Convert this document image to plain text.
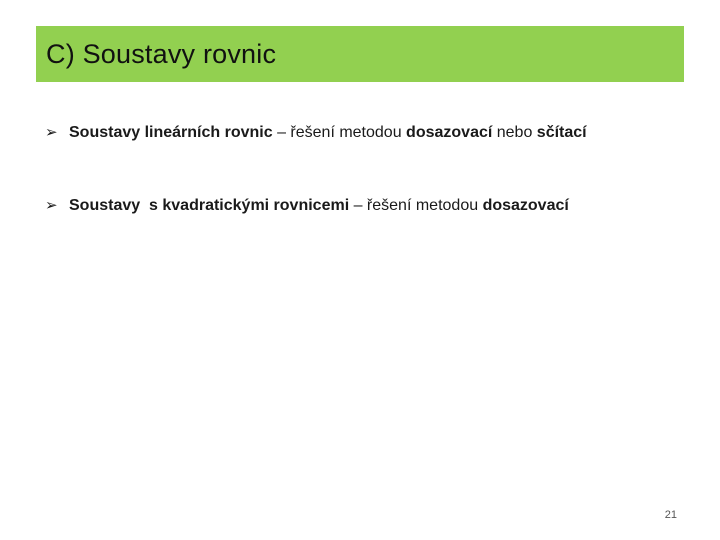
C) Soustavy rovnic
➢ Soustavy lineárních rovnic – řešení metodou dosazovací nebo sčítací
➢ Soustavy  s kvadratickými rovnicemi – řešení metodou dosazovací
21
